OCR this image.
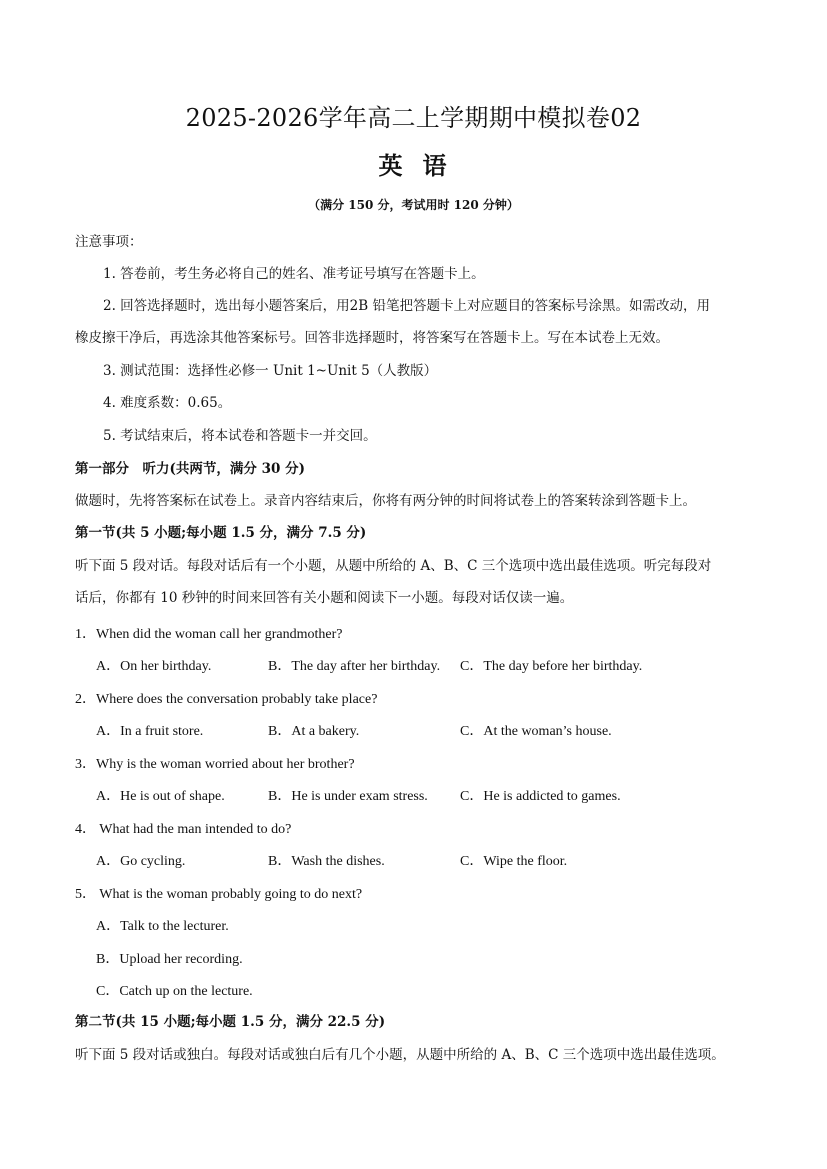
2025-2026学年高二上学期期中模拟卷02
英语
（满分 150 分，考试用时 120 分钟）
注意事项：
1. 答卷前，考生务必将自己的姓名、准考证号填写在答题卡上。
2. 回答选择题时，选出每小题答案后，用2B 铅笔把答题卡上对应题目的答案标号涂黑。如需改动，用
橡皮擦干净后，再选涂其他答案标号。回答非选择题时，将答案写在答题卡上。写在本试卷上无效。
3. 测试范围：选择性必修一 Unit 1~Unit 5（人教版）
4. 难度系数：0.65。
5. 考试结束后，将本试卷和答题卡一并交回。
第一部分　听力(共两节，满分 30 分)
做题时，先将答案标在试卷上。录音内容结束后，你将有两分钟的时间将试卷上的答案转涂到答题卡上。
第一节(共 5 小题;每小题 1.5 分，满分 7.5 分)
听下面 5 段对话。每段对话后有一个小题，从题中所给的 A、B、C 三个选项中选出最佳选项。听完每段对
话后，你都有 10 秒钟的时间来回答有关小题和阅读下一小题。每段对话仅读一遍。
1．When did the woman call her grandmother?
A．On her birthday.	B．The day after her birthday. C．The day before her birthday.
2．Where does the conversation probably take place?
A．In a fruit store.	B．At a bakery.	C．At the woman’s house.
3．Why is the woman worried about her brother?
A．He is out of shape.	B．He is under exam stress. C．He is addicted to games.
4． What had the man intended to do?
A．Go cycling.	B．Wash the dishes.	C．Wipe the floor.
5． What is the woman probably going to do next?
A．Talk to the lecturer.
B．Upload her recording.
C．Catch up on the lecture.
第二节(共 15 小题;每小题 1.5 分，满分 22.5 分)
听下面 5 段对话或独白。每段对话或独白后有几个小题，从题中所给的 A、B、C 三个选项中选出最佳选项。
